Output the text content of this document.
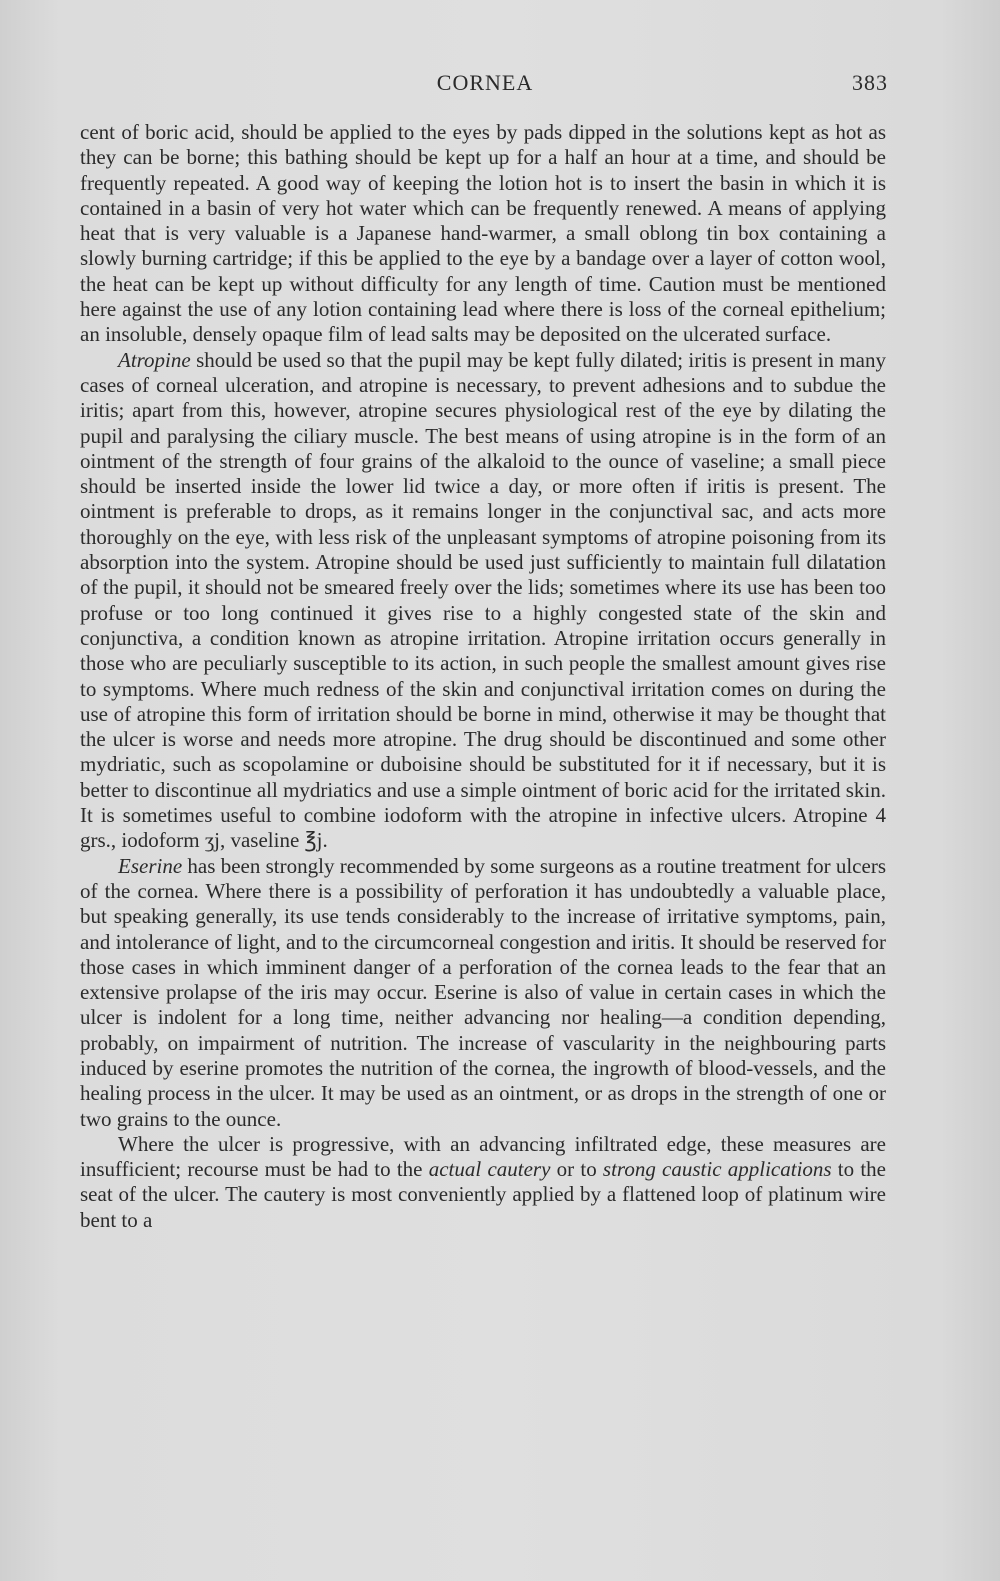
CORNEA	383

cent of boric acid, should be applied to the eyes by pads dipped in the solutions kept as hot as they can be borne; this bathing should be kept up for a half an hour at a time, and should be frequently repeated. A good way of keeping the lotion hot is to insert the basin in which it is contained in a basin of very hot water which can be frequently renewed. A means of applying heat that is very valuable is a Japanese hand-warmer, a small oblong tin box containing a slowly burning cartridge; if this be applied to the eye by a bandage over a layer of cotton wool, the heat can be kept up without difficulty for any length of time. Caution must be mentioned here against the use of any lotion containing lead where there is loss of the corneal epithelium; an insoluble, densely opaque film of lead salts may be deposited on the ulcerated surface.

Atropine should be used so that the pupil may be kept fully dilated; iritis is present in many cases of corneal ulceration, and atropine is necessary, to prevent adhesions and to subdue the iritis; apart from this, however, atropine secures physiological rest of the eye by dilating the pupil and paralysing the ciliary muscle. The best means of using atropine is in the form of an ointment of the strength of four grains of the alkaloid to the ounce of vaseline; a small piece should be inserted inside the lower lid twice a day, or more often if iritis is present. The ointment is preferable to drops, as it remains longer in the conjunctival sac, and acts more thoroughly on the eye, with less risk of the unpleasant symptoms of atropine poisoning from its absorption into the system. Atropine should be used just sufficiently to maintain full dilatation of the pupil, it should not be smeared freely over the lids; sometimes where its use has been too profuse or too long continued it gives rise to a highly congested state of the skin and conjunctiva, a condition known as atropine irritation. Atropine irritation occurs generally in those who are peculiarly susceptible to its action, in such people the smallest amount gives rise to symptoms. Where much redness of the skin and conjunctival irritation comes on during the use of atropine this form of irritation should be borne in mind, otherwise it may be thought that the ulcer is worse and needs more atropine. The drug should be discontinued and some other mydriatic, such as scopolamine or duboisine should be substituted for it if necessary, but it is better to discontinue all mydriatics and use a simple ointment of boric acid for the irritated skin. It is sometimes useful to combine iodoform with the atropine in infective ulcers. Atropine 4 grs., iodoform ʒj, vaseline ℥j.

Eserine has been strongly recommended by some surgeons as a routine treatment for ulcers of the cornea. Where there is a possibility of perforation it has undoubtedly a valuable place, but speaking generally, its use tends considerably to the increase of irritative symptoms, pain, and intolerance of light, and to the circumcorneal congestion and iritis. It should be reserved for those cases in which imminent danger of a perforation of the cornea leads to the fear that an extensive prolapse of the iris may occur. Eserine is also of value in certain cases in which the ulcer is indolent for a long time, neither advancing nor healing—a condition depending, probably, on impairment of nutrition. The increase of vascularity in the neighbouring parts induced by eserine promotes the nutrition of the cornea, the ingrowth of blood-vessels, and the healing process in the ulcer. It may be used as an ointment, or as drops in the strength of one or two grains to the ounce.

Where the ulcer is progressive, with an advancing infiltrated edge, these measures are insufficient; recourse must be had to the actual cautery or to strong caustic applications to the seat of the ulcer. The cautery is most conveniently applied by a flattened loop of platinum wire bent to a
